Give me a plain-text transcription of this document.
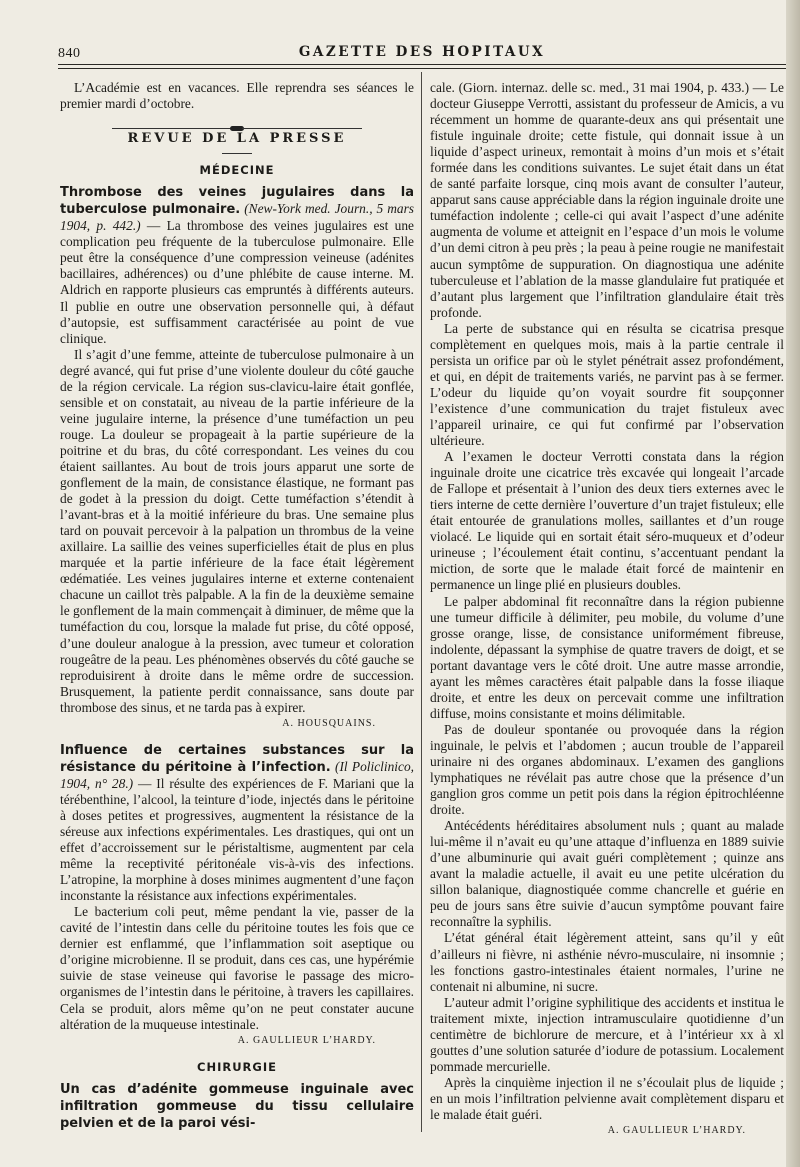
840	GAZETTE DES HOPITAUX

L’Académie est en vacances. Elle reprendra ses séances le premier mardi d’octobre.

REVUE DE LA PRESSE
MÉDECINE

Thrombose des veines jugulaires dans la tuberculose pulmonaire. (New-York med. Journ., 5 mars 1904, p. 442.) — La thrombose des veines jugulaires est une complication peu fréquente de la tuberculose pulmonaire. Elle peut être la conséquence d’une compression veineuse (adénites bacillaires, adhérences) ou d’une phlébite de cause interne. M. Aldrich en rapporte plusieurs cas empruntés à différents auteurs. Il publie en outre une observation personnelle qui, à défaut d’autopsie, est suffisamment caractérisée au point de vue clinique.

Il s’agit d’une femme, atteinte de tuberculose pulmonaire à un degré avancé, qui fut prise d’une violente douleur du côté gauche de la région cervicale. La région sus-clavicu-laire était gonflée, sensible et on constatait, au niveau de la partie inférieure de la veine jugulaire interne, la présence d’une tuméfaction un peu rouge. La douleur se propageait à la partie supérieure de la poitrine et du bras, du côté correspondant. Les veines du cou étaient saillantes. Au bout de trois jours apparut une sorte de gonflement de la main, de consistance élastique, ne formant pas de godet à la pression du doigt. Cette tuméfaction s’étendit à l’avant-bras et à la moitié inférieure du bras. Une semaine plus tard on pouvait percevoir à la palpation un thrombus de la veine axillaire. La saillie des veines superficielles était de plus en plus marquée et la partie inférieure de la face était légèrement œdématiée. Les veines jugulaires interne et externe contenaient chacune un caillot très palpable. A la fin de la deuxième semaine le gonflement de la main commençait à diminuer, de même que la tuméfaction du cou, lorsque la malade fut prise, du côté opposé, d’une douleur analogue à la pression, avec tumeur et coloration rougeâtre de la peau. Les phénomènes observés du côté gauche se reproduisirent à droite dans le même ordre de succession. Brusquement, la patiente perdit connaissance, sans doute par thrombose des sinus, et ne tarda pas à expirer.

A. HOUSQUAINS.

Influence de certaines substances sur la résistance du péritoine à l’infection. (Il Policlinico, 1904, n° 28.) — Il résulte des expériences de F. Mariani que la térébenthine, l’alcool, la teinture d’iode, injectés dans le péritoine à doses petites et progressives, augmentent la résistance de la séreuse aux infections expérimentales. Les drastiques, qui ont un effet d’accroissement sur le péristaltisme, augmentent par cela même la receptivité péritonéale vis-à-vis des infections. L’atropine, la morphine à doses minimes augmentent d’une façon inconstante la résistance aux infections expérimentales.

Le bacterium coli peut, même pendant la vie, passer de la cavité de l’intestin dans celle du péritoine toutes les fois que ce dernier est enflammé, que l’inflammation soit aseptique ou d’origine microbienne. Il se produit, dans ces cas, une hypérémie suivie de stase veineuse qui favorise le passage des micro-organismes de l’intestin dans le péritoine, à travers les capillaires. Cela se produit, alors même qu’on ne peut constater aucune altération de la muqueuse intestinale.

A. GAULLIEUR L’HARDY.
CHIRURGIE

Un cas d’adénite gommeuse inguinale avec infiltration gommeuse du tissu cellulaire pelvien et de la paroi vési-

cale. (Giorn. internaz. delle sc. med., 31 mai 1904, p. 433.) — Le docteur Giuseppe Verrotti, assistant du professeur de Amicis, a vu récemment un homme de quarante-deux ans qui présentait une fistule inguinale droite; cette fistule, qui donnait issue à un liquide d’aspect urineux, remontait à moins d’un mois et s’était formée dans les conditions suivantes. Le sujet était dans un état de santé parfaite lorsque, cinq mois avant de consulter l’auteur, apparut sans cause appréciable dans la région inguinale droite une tuméfaction indolente ; celle-ci qui avait l’aspect d’une adénite augmenta de volume et atteignit en l’espace d’un mois le volume d’un demi citron à peu près ; la peau à peine rougie ne manifestait aucun symptôme de suppuration. On diagnostiqua une adénite tuberculeuse et l’ablation de la masse glandulaire fut pratiquée et d’autant plus largement que l’infiltration glandulaire était très profonde.

La perte de substance qui en résulta se cicatrisa presque complètement en quelques mois, mais à la partie centrale il persista un orifice par où le stylet pénétrait assez profondément, et qui, en dépit de traitements variés, ne parvint pas à se fermer. L’odeur du liquide qu’on voyait sourdre fit soupçonner l’existence d’une communication du trajet fistuleux avec l’appareil urinaire, ce qui fut confirmé par l’observation ultérieure.

A l’examen le docteur Verrotti constata dans la région inguinale droite une cicatrice très excavée qui longeait l’arcade de Fallope et présentait à l’union des deux tiers externes avec le tiers interne de cette dernière l’ouverture d’un trajet fistuleux; elle était entourée de granulations molles, saillantes et d’un rouge violacé. Le liquide qui en sortait était séro-muqueux et d’odeur urineuse ; l’écoulement était continu, s’accentuant pendant la miction, de sorte que le malade était forcé de maintenir en permanence un linge plié en plusieurs doubles.

Le palper abdominal fit reconnaître dans la région pubienne une tumeur difficile à délimiter, peu mobile, du volume d’une grosse orange, lisse, de consistance uniformément fibreuse, indolente, dépassant la symphise de quatre travers de doigt, et se portant davantage vers le côté droit. Une autre masse arrondie, ayant les mêmes caractères était palpable dans la fosse iliaque droite, et entre les deux on percevait comme une infiltration diffuse, moins consistante et moins délimitable.

Pas de douleur spontanée ou provoquée dans la région inguinale, le pelvis et l’abdomen ; aucun trouble de l’appareil urinaire ni des organes abdominaux. L’examen des ganglions lymphatiques ne révélait pas autre chose que la présence d’un ganglion gros comme un petit pois dans la région épitrochléenne droite.

Antécédents héréditaires absolument nuls ; quant au malade lui-même il n’avait eu qu’une attaque d’influenza en 1889 suivie d’une albuminurie qui avait guéri complètement ; quinze ans avant la maladie actuelle, il avait eu une petite ulcération du sillon balanique, diagnostiquée comme chancrelle et guérie en peu de jours sans être suivie d’aucun symptôme pouvant faire reconnaître la syphilis.

L’état général était légèrement atteint, sans qu’il y eût d’ailleurs ni fièvre, ni asthénie névro-musculaire, ni insomnie ; les fonctions gastro-intestinales étaient normales, l’urine ne contenait ni albumine, ni sucre.

L’auteur admit l’origine syphilitique des accidents et institua le traitement mixte, injection intramusculaire quotidienne d’un centimètre de bichlorure de mercure, et à l’intérieur xx à xl gouttes d’une solution saturée d’iodure de potassium. Localement pommade mercurielle.

Après la cinquième injection il ne s’écoulait plus de liquide ; en un mois l’infiltration pelvienne avait complètement disparu et le malade était guéri.

A. GAULLIEUR L’HARDY.
